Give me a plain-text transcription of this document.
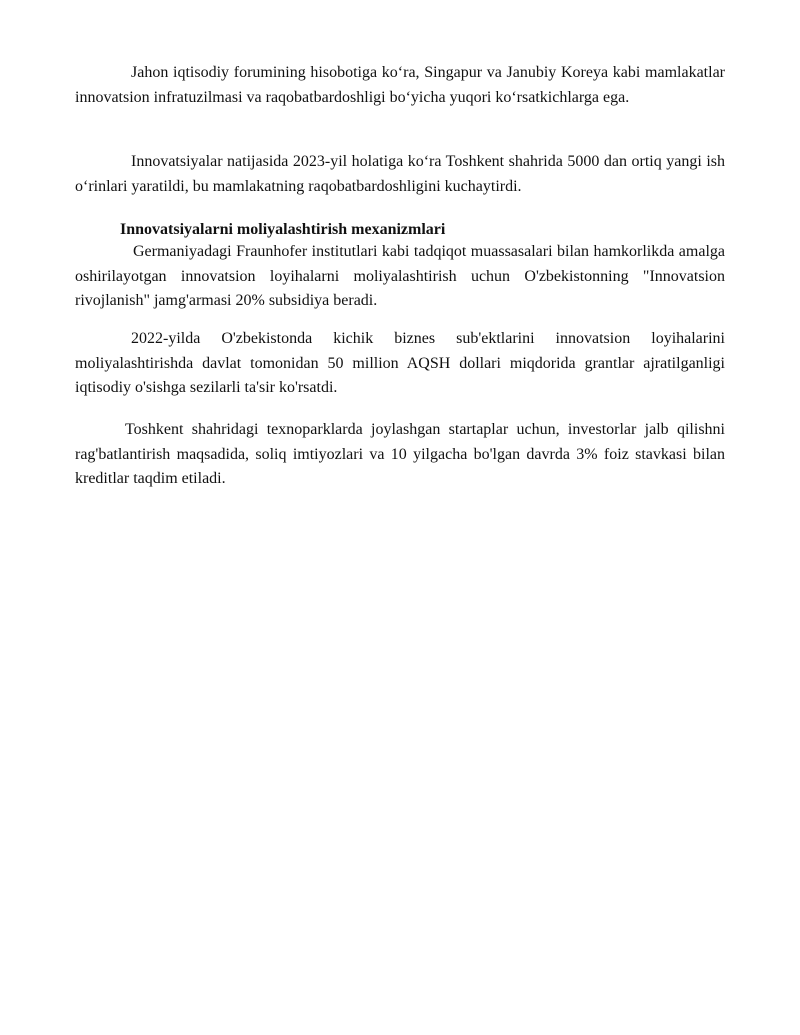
Jahon iqtisodiy forumining hisobotiga ko‘ra, Singapur va Janubiy Koreya kabi mamlakatlar innovatsion infratuzilmasi va raqobatbardoshligi bo‘yicha yuqori ko‘rsatkichlarga ega.

Innovatsiyalar natijasida 2023-yil holatiga ko‘ra Toshkent shahrida 5000 dan ortiq yangi ish o‘rinlari yaratildi, bu mamlakatning raqobatbardoshligini kuchaytirdi.

Innovatsiyalarni moliyalashtirish mexanizmlari

Germaniyadagi Fraunhofer institutlari kabi tadqiqot muassasalari bilan hamkorlikda amalga oshirilayotgan innovatsion loyihalarni moliyalashtirish uchun O'zbekistonning "Innovatsion rivojlanish" jamg'armasi 20% subsidiya beradi.

2022-yilda O'zbekistonda kichik biznes sub'ektlarini innovatsion loyihalarini moliyalashtirishda davlat tomonidan 50 million AQSH dollari miqdorida grantlar ajratilganligi iqtisodiy o'sishga sezilarli ta'sir ko'rsatdi.

Toshkent shahridagi texnoparklarda joylashgan startaplar uchun, investorlar jalb qilishni rag'batlantirish maqsadida, soliq imtiyozlari va 10 yilgacha bo'lgan davrda 3% foiz stavkasi bilan kreditlar taqdim etiladi.
